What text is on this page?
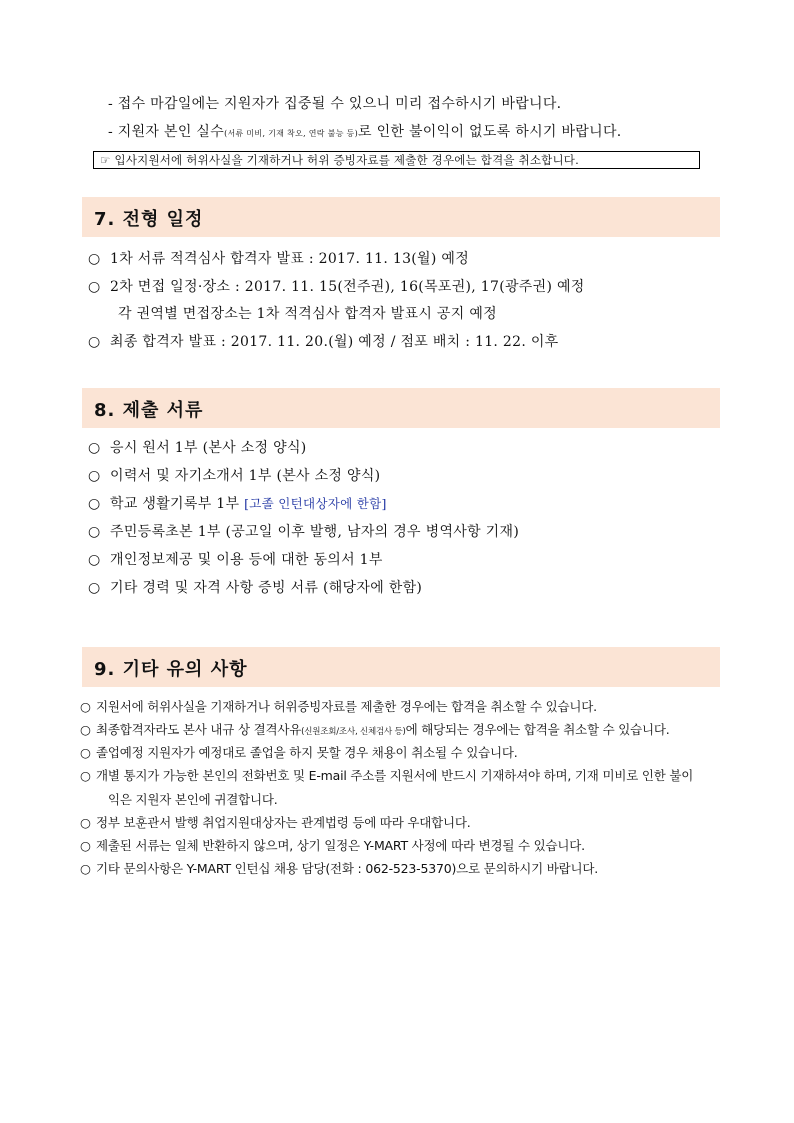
- 접수 마감일에는 지원자가 집중될 수 있으니 미리 접수하시기 바랍니다.
- 지원자 본인 실수(서류 미비, 기재 착오, 연락 불능 등)로 인한 불이익이 없도록 하시기 바랍니다.
☞ 입사지원서에 허위사실을 기재하거나 허위 증빙자료를 제출한 경우에는 합격을 취소합니다.
7. 전형 일정
○ 1차 서류 적격심사 합격자 발표 : 2017. 11. 13(월) 예정
○ 2차 면접 일정·장소 : 2017. 11. 15(전주권), 16(목포권), 17(광주권) 예정
각 권역별 면접장소는 1차 적격심사 합격자 발표시 공지 예정
○ 최종 합격자 발표 : 2017. 11. 20.(월) 예정 / 점포 배치 : 11. 22. 이후
8. 제출 서류
○ 응시 원서 1부 (본사 소정 양식)
○ 이력서 및 자기소개서 1부 (본사 소정 양식)
○ 학교 생활기록부 1부 [고졸 인턴대상자에 한함]
○ 주민등록초본 1부 (공고일 이후 발행, 남자의 경우 병역사항 기재)
○ 개인정보제공 및 이용 등에 대한 동의서 1부
○ 기타 경력 및 자격 사항 증빙 서류 (해당자에 한함)
9. 기타 유의 사항
○ 지원서에 허위사실을 기재하거나 허위증빙자료를 제출한 경우에는 합격을 취소할 수 있습니다.
○ 최종합격자라도 본사 내규 상 결격사유(신원조회/조사, 신체검사 등)에 해당되는 경우에는 합격을 취소할 수 있습니다.
○ 졸업예정 지원자가 예정대로 졸업을 하지 못할 경우 채용이 취소될 수 있습니다.
○ 개별 통지가 가능한 본인의 전화번호 및 E-mail 주소를 지원서에 반드시 기재하셔야 하며, 기재 미비로 인한 불이
익은 지원자 본인에 귀결합니다.
○ 정부 보훈관서 발행 취업지원대상자는 관계법령 등에 따라 우대합니다.
○ 제출된 서류는 일체 반환하지 않으며, 상기 일정은 Y-MART 사정에 따라 변경될 수 있습니다.
○ 기타 문의사항은 Y-MART 인턴십 채용 담당(전화 : 062-523-5370)으로 문의하시기 바랍니다.
